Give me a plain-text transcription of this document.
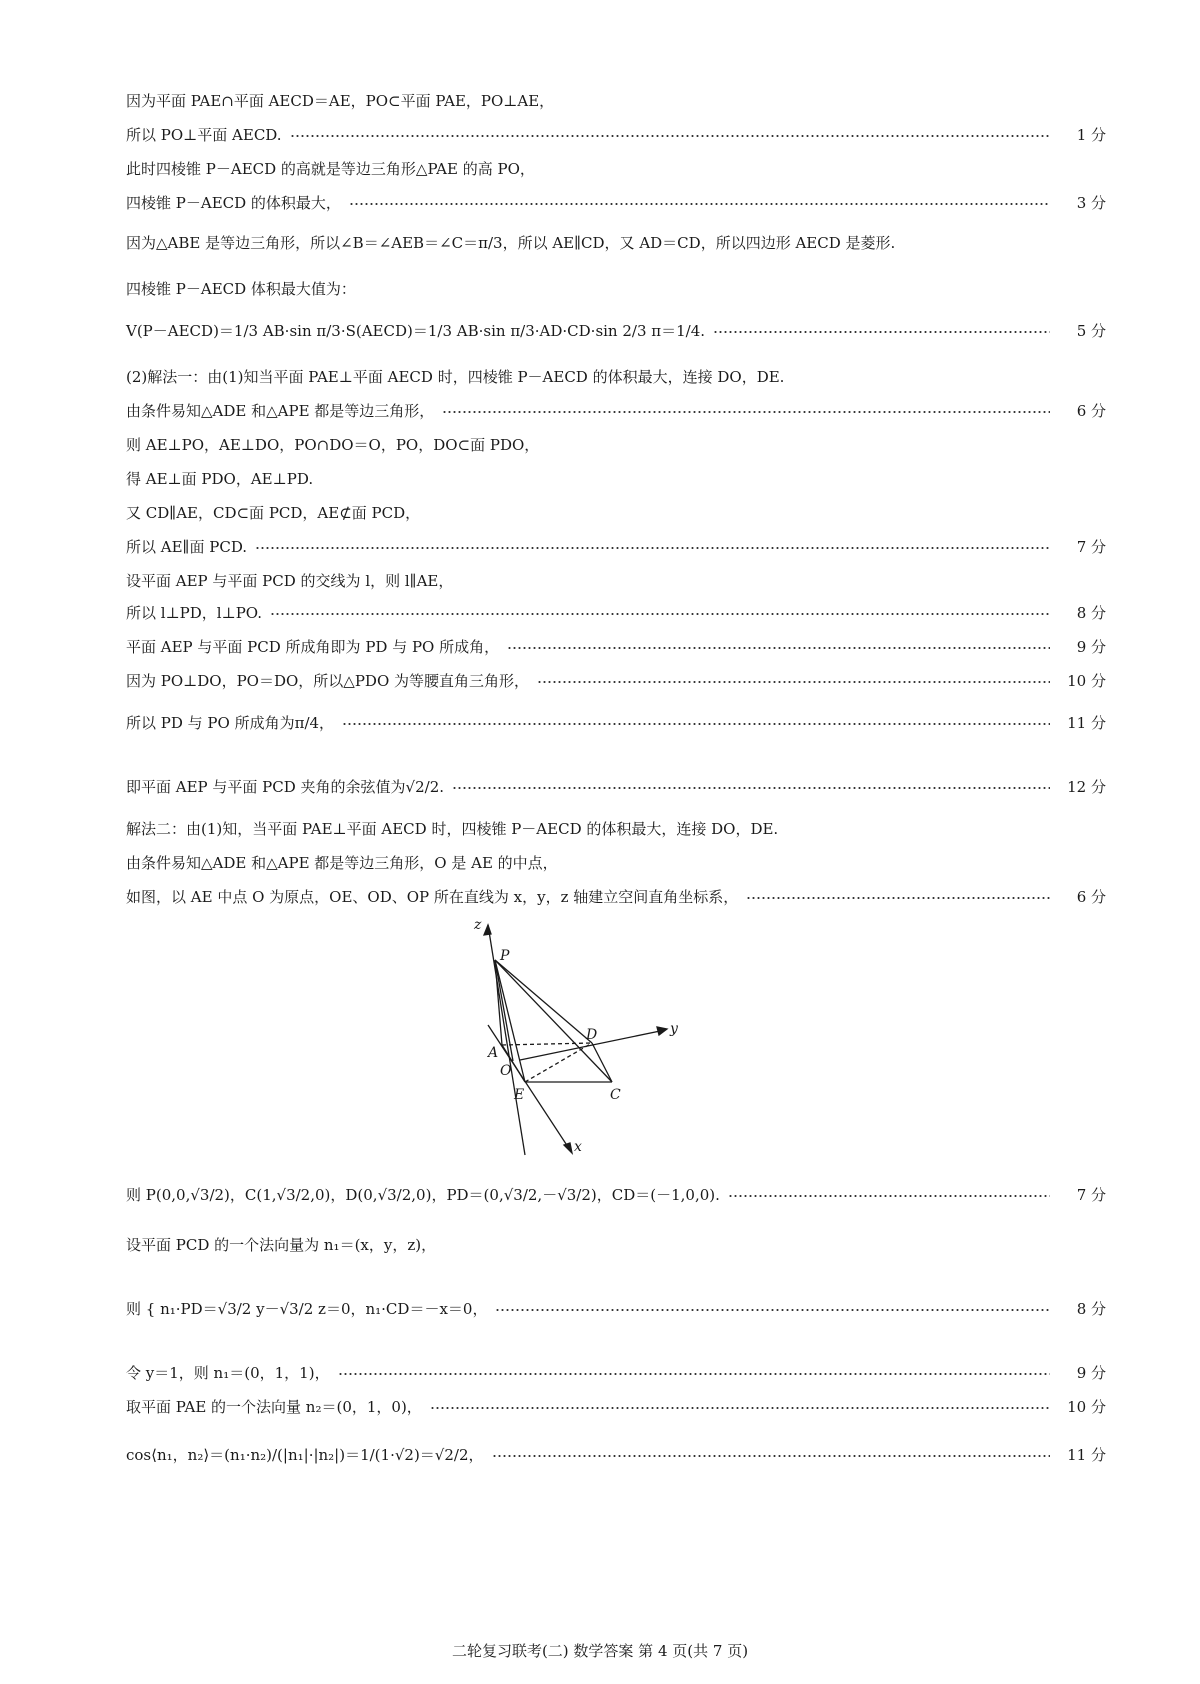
因为平面 PAE∩平面 AECD＝AE，PO⊂平面 PAE，PO⊥AE，
所以 PO⊥平面 AECD.	1 分
此时四棱锥 P－AECD 的高就是等边三角形△PAE 的高 PO，
四棱锥 P－AECD 的体积最大，	3 分
因为△ABE 是等边三角形，所以∠B＝∠AEB＝∠C＝π/3，所以 AE∥CD，又 AD＝CD，所以四边形 AECD 是菱形.
四棱锥 P－AECD 体积最大值为：
V(P－AECD)＝1/3 AB·sin π/3·S(AECD)＝1/3 AB·sin π/3·AD·CD·sin 2/3 π＝1/4.	5 分
(2)解法一：由(1)知当平面 PAE⊥平面 AECD 时，四棱锥 P－AECD 的体积最大，连接 DO，DE.
由条件易知△ADE 和△APE 都是等边三角形，	6 分
则 AE⊥PO，AE⊥DO，PO∩DO＝O，PO，DO⊂面 PDO，
得 AE⊥面 PDO，AE⊥PD.
又 CD∥AE，CD⊂面 PCD，AE⊄面 PCD，
所以 AE∥面 PCD.	7 分
设平面 AEP 与平面 PCD 的交线为 l，则 l∥AE，
所以 l⊥PD，l⊥PO.	8 分
平面 AEP 与平面 PCD 所成角即为 PD 与 PO 所成角，	9 分
因为 PO⊥DO，PO＝DO，所以△PDO 为等腰直角三角形，	10 分
所以 PD 与 PO 所成角为π/4，	11 分
即平面 AEP 与平面 PCD 夹角的余弦值为√2/2.	12 分
解法二：由(1)知，当平面 PAE⊥平面 AECD 时，四棱锥 P－AECD 的体积最大，连接 DO，DE.
由条件易知△ADE 和△APE 都是等边三角形，O 是 AE 的中点，
如图，以 AE 中点 O 为原点，OE、OD、OP 所在直线为 x，y，z 轴建立空间直角坐标系，	6 分
z
y
x
P
A
O
D
E	C
则 P(0,0,√3/2)，C(1,√3/2,0)，D(0,√3/2,0)，PD＝(0,√3/2,－√3/2)，CD＝(－1,0,0).	7 分
设平面 PCD 的一个法向量为 n₁＝(x，y，z)，
则 { n₁·PD＝√3/2 y－√3/2 z＝0，n₁·CD＝－x＝0，	8 分
令 y＝1，则 n₁＝(0，1，1)，	9 分
取平面 PAE 的一个法向量 n₂＝(0，1，0)，	10 分
cos⟨n₁，n₂⟩＝(n₁·n₂)/(|n₁|·|n₂|)＝1/(1·√2)＝√2/2，	11 分
二轮复习联考(二) 数学答案 第 4 页(共 7 页)
